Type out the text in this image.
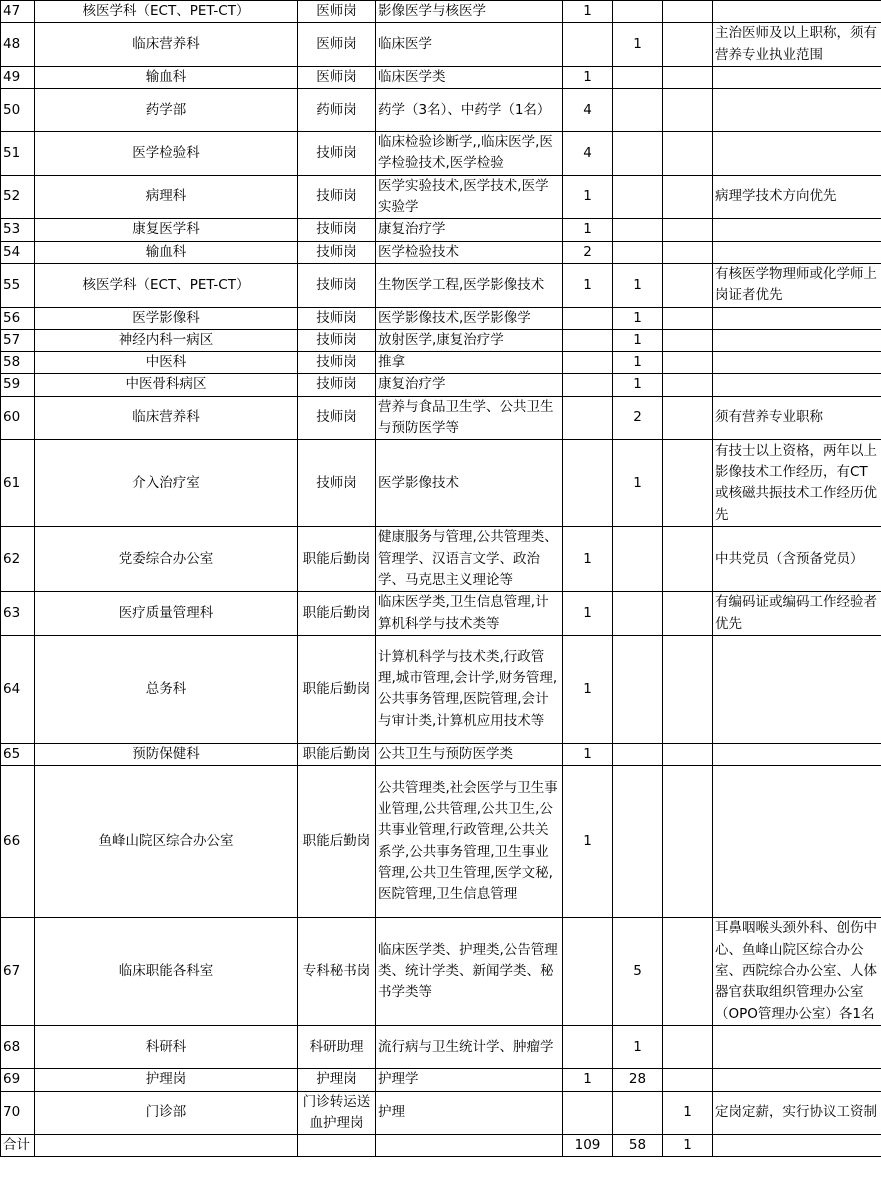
47	核医学科（ECT、PET-CT）	医师岗	影像医学与核医学	1			
48	临床营养科	医师岗	临床医学		1		主治医师及以上职称，须有营养专业执业范围
49	输血科	医师岗	临床医学类	1			
50	药学部	药师岗	药学（3名）、中药学（1名）	4			
51	医学检验科	技师岗	临床检验诊断学,,临床医学,医学检验技术,医学检验	4			
52	病理科	技师岗	医学实验技术,医学技术,医学实验学	1			病理学技术方向优先
53	康复医学科	技师岗	康复治疗学	1			
54	输血科	技师岗	医学检验技术	2			
55	核医学科（ECT、PET-CT）	技师岗	生物医学工程,医学影像技术	1	1		有核医学物理师或化学师上岗证者优先
56	医学影像科	技师岗	医学影像技术,医学影像学		1		
57	神经内科一病区	技师岗	放射医学,康复治疗学		1		
58	中医科	技师岗	推拿		1		
59	中医骨科病区	技师岗	康复治疗学		1		
60	临床营养科	技师岗	营养与食品卫生学、公共卫生与预防医学等		2		须有营养专业职称
61	介入治疗室	技师岗	医学影像技术		1		有技士以上资格，两年以上影像技术工作经历，有CT或核磁共振技术工作经历优先
62	党委综合办公室	职能后勤岗	健康服务与管理,公共管理类、管理学、汉语言文学、政治学、马克思主义理论等	1			中共党员（含预备党员）
63	医疗质量管理科	职能后勤岗	临床医学类,卫生信息管理,计算机科学与技术类等	1			有编码证或编码工作经验者优先
64	总务科	职能后勤岗	计算机科学与技术类,行政管理,城市管理,会计学,财务管理,公共事务管理,医院管理,会计与审计类,计算机应用技术等	1			
65	预防保健科	职能后勤岗	公共卫生与预防医学类	1			
66	鱼峰山院区综合办公室	职能后勤岗	公共管理类,社会医学与卫生事业管理,公共管理,公共卫生,公共事业管理,行政管理,公共关系学,公共事务管理,卫生事业管理,公共卫生管理,医学文秘,医院管理,卫生信息管理	1			
67	临床职能各科室	专科秘书岗	临床医学类、护理类,公告管理类、统计学类、新闻学类、秘书学类等		5		耳鼻咽喉头颈外科、创伤中心、鱼峰山院区综合办公室、西院综合办公室、人体器官获取组织管理办公室（OPO管理办公室）各1名
68	科研科	科研助理	流行病与卫生统计学、肿瘤学		1		
69	护理岗	护理岗	护理学	1	28		
70	门诊部	门诊转运送血护理岗	护理			1	定岗定薪，实行协议工资制
合计				109	58	1	
